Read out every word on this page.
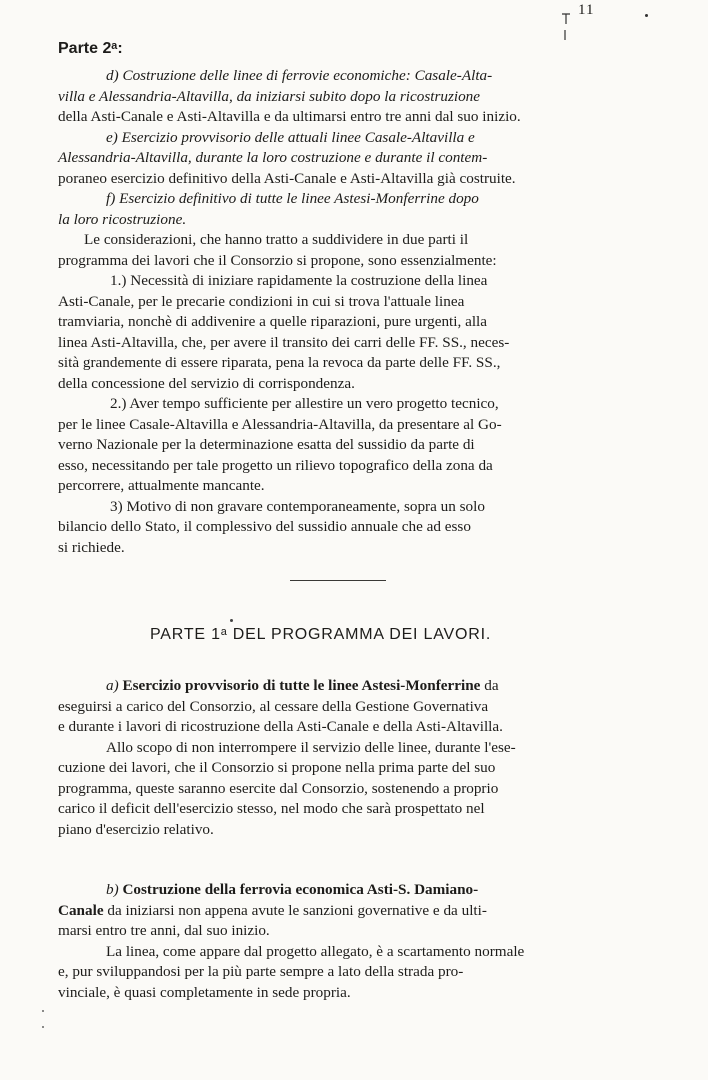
11
Parte 2ᵃ:

d) Costruzione delle linee di ferrovie economiche: Casale-Alta-

villa e Alessandria-Altavilla, da iniziarsi subito dopo la ricostruzione

della Asti-Canale e Asti-Altavilla e da ultimarsi entro tre anni dal suo inizio.

e) Esercizio provvisorio delle attuali linee Casale-Altavilla e

Alessandria-Altavilla, durante la loro costruzione e durante il contem-

poraneo esercizio definitivo della Asti-Canale e Asti-Altavilla già costruite.

f) Esercizio definitivo di tutte le linee Astesi-Monferrine dopo

la loro ricostruzione.

Le considerazioni, che hanno tratto a suddividere in due parti il

programma dei lavori che il Consorzio si propone, sono essenzialmente:

1.) Necessità di iniziare rapidamente la costruzione della linea

Asti-Canale, per le precarie condizioni in cui si trova l'attuale linea

tramviaria, nonchè di addivenire a quelle riparazioni, pure urgenti, alla

linea Asti-Altavilla, che, per avere il transito dei carri delle FF. SS., neces-

sità grandemente di essere riparata, pena la revoca da parte delle FF. SS.,

della concessione del servizio di corrispondenza.

2.) Aver tempo sufficiente per allestire un vero progetto tecnico,

per le linee Casale-Altavilla e Alessandria-Altavilla, da presentare al Go-

verno Nazionale per la determinazione esatta del sussidio da parte di

esso, necessitando per tale progetto un rilievo topografico della zona da

percorrere, attualmente mancante.

3) Motivo di non gravare contemporaneamente, sopra un solo

bilancio dello Stato, il complessivo del sussidio annuale che ad esso

si richiede.

PARTE 1ᵃ DEL PROGRAMMA DEI LAVORI.

a) Esercizio provvisorio di tutte le linee Astesi-Monferrine da

eseguirsi a carico del Consorzio, al cessare della Gestione Governativa

e durante i lavori di ricostruzione della Asti-Canale e della Asti-Altavilla.

Allo scopo di non interrompere il servizio delle linee, durante l'ese-

cuzione dei lavori, che il Consorzio si propone nella prima parte del suo

programma, queste saranno esercite dal Consorzio, sostenendo a proprio

carico il deficit dell'esercizio stesso, nel modo che sarà prospettato nel

piano d'esercizio relativo.

b) Costruzione della ferrovia economica Asti-S. Damiano-

Canale da iniziarsi non appena avute le sanzioni governative e da ulti-

marsi entro tre anni, dal suo inizio.

La linea, come appare dal progetto allegato, è a scartamento normale

e, pur sviluppandosi per la più parte sempre a lato della strada pro-

vinciale, è quasi completamente in sede propria.
